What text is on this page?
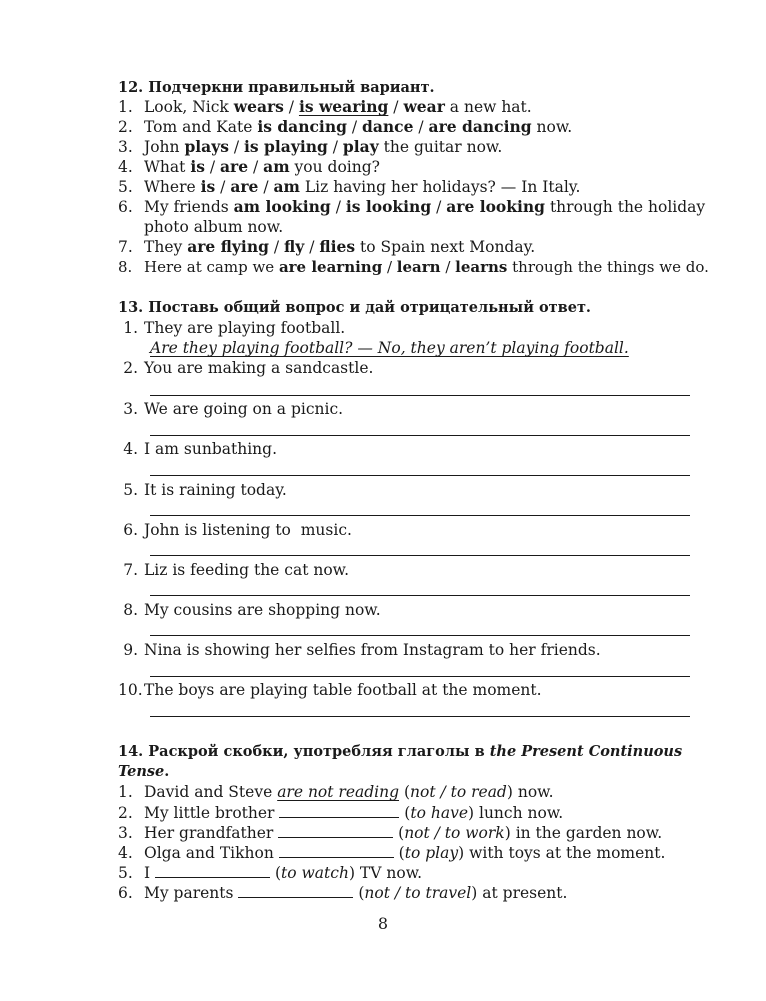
12. Подчеркни правильный вариант.
1. Look, Nick wears / is wearing / wear a new hat.
2. Tom and Kate is dancing / dance / are dancing now.
3. John plays / is playing / play the guitar now.
4. What is / are / am you doing?
5. Where is / are / am Liz having her holidays? — In Italy.
6. My friends am looking / is looking / are looking through the holiday
photo album now.
7. They are flying / fly / flies to Spain next Monday.
8. Here at camp we are learning / learn / learns through the things we do.
13. Поставь общий вопрос и дай отрицательный ответ.
1. They are playing football.
Are they playing football? — No, they aren’t playing football.
2. You are making a sandcastle.
3. We are going on a picnic.
4. I am sunbathing.
5. It is raining today.
6. John is listening to  music.
7. Liz is feeding the cat now.
8. My cousins are shopping now.
9. Nina is showing her selfies from Instagram to her friends.
10.The boys are playing table football at the moment.
14. Раскрой скобки, употребляя глаголы в the Present Continuous
Tense.
1. David and Steve are not reading (not / to read) now.
2. My little brother	(to have) lunch now.
3. Her grandfather	(not / to work) in the garden now.
4. Olga and Tikhon	(to play) with toys at the moment.
5. I	(to watch) TV now.
6. My parents	(not / to travel) at present.
8
